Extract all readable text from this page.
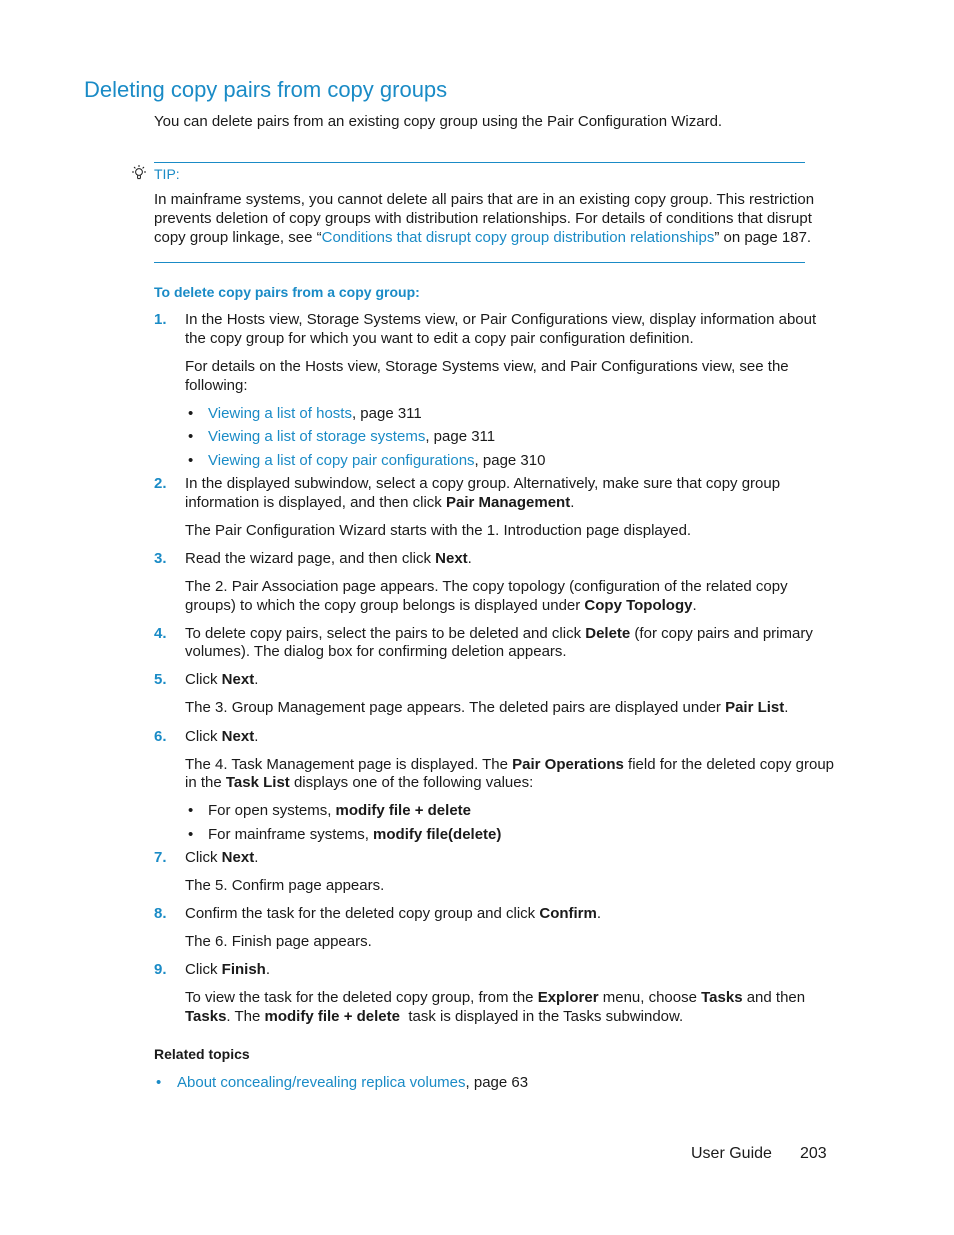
Deleting copy pairs from copy groups
You can delete pairs from an existing copy group using the Pair Configuration Wizard.
TIP:
In mainframe systems, you cannot delete all pairs that are in an existing copy group. This restriction
prevents deletion of copy groups with distribution relationships. For details of conditions that disrupt
copy group linkage, see “Conditions that disrupt copy group distribution relationships” on page 187.
To delete copy pairs from a copy group:
1. In the Hosts view, Storage Systems view, or Pair Configurations view, display information about
the copy group for which you want to edit a copy pair configuration definition.
For details on the Hosts view, Storage Systems view, and Pair Configurations view, see the
following:
• Viewing a list of hosts, page 311
• Viewing a list of storage systems, page 311
• Viewing a list of copy pair configurations, page 310
2. In the displayed subwindow, select a copy group. Alternatively, make sure that copy group
information is displayed, and then click Pair Management.
The Pair Configuration Wizard starts with the 1. Introduction page displayed.
3. Read the wizard page, and then click Next.
The 2. Pair Association page appears. The copy topology (configuration of the related copy
groups) to which the copy group belongs is displayed under Copy Topology.
4. To delete copy pairs, select the pairs to be deleted and click Delete (for copy pairs and primary
volumes). The dialog box for confirming deletion appears.
5. Click Next.
The 3. Group Management page appears. The deleted pairs are displayed under Pair List.
6. Click Next.
The 4. Task Management page is displayed. The Pair Operations field for the deleted copy group
in the Task List displays one of the following values:
• For open systems, modify file + delete
• For mainframe systems, modify file(delete)
7. Click Next.
The 5. Confirm page appears.
8. Confirm the task for the deleted copy group and click Confirm.
The 6. Finish page appears.
9. Click Finish.
To view the task for the deleted copy group, from the Explorer menu, choose Tasks and then
Tasks. The modify file + delete  task is displayed in the Tasks subwindow.
Related topics
• About concealing/revealing replica volumes, page 63
User Guide 203
